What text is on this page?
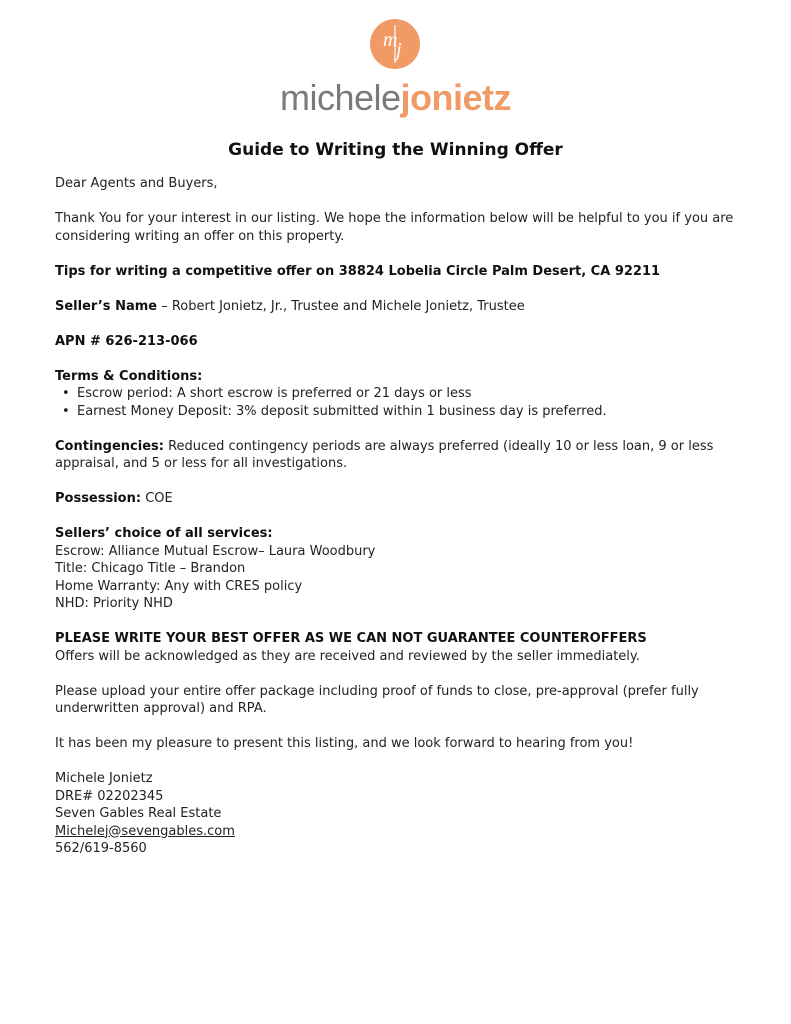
m
j
michelejonietz
Guide to Writing the Winning Offer

Dear Agents and Buyers,

Thank You for your interest in our listing. We hope the information below will be helpful to you if you are considering writing an offer on this property.

Tips for writing a competitive offer on 38824 Lobelia Circle Palm Desert, CA 92211

Seller’s Name – Robert Jonietz, Jr., Trustee and Michele Jonietz, Trustee

APN # 626-213-066

Terms & Conditions:

• Escrow period: A short escrow is preferred or 21 days or less
• Earnest Money Deposit: 3% deposit submitted within 1 business day is preferred.

Contingencies: Reduced contingency periods are always preferred (ideally 10 or less loan, 9 or less appraisal, and 5 or less for all investigations.

Possession: COE

Sellers’ choice of all services:

Escrow: Alliance Mutual Escrow– Laura Woodbury

Title: Chicago Title – Brandon

Home Warranty: Any with CRES policy

NHD: Priority NHD

PLEASE WRITE YOUR BEST OFFER AS WE CAN NOT GUARANTEE COUNTEROFFERS

Offers will be acknowledged as they are received and reviewed by the seller immediately.

Please upload your entire offer package including proof of funds to close, pre-approval (prefer fully underwritten approval) and RPA.

It has been my pleasure to present this listing, and we look forward to hearing from you!

Michele Jonietz

DRE# 02202345

Seven Gables Real Estate

Michelej@sevengables.com

562/619-8560
